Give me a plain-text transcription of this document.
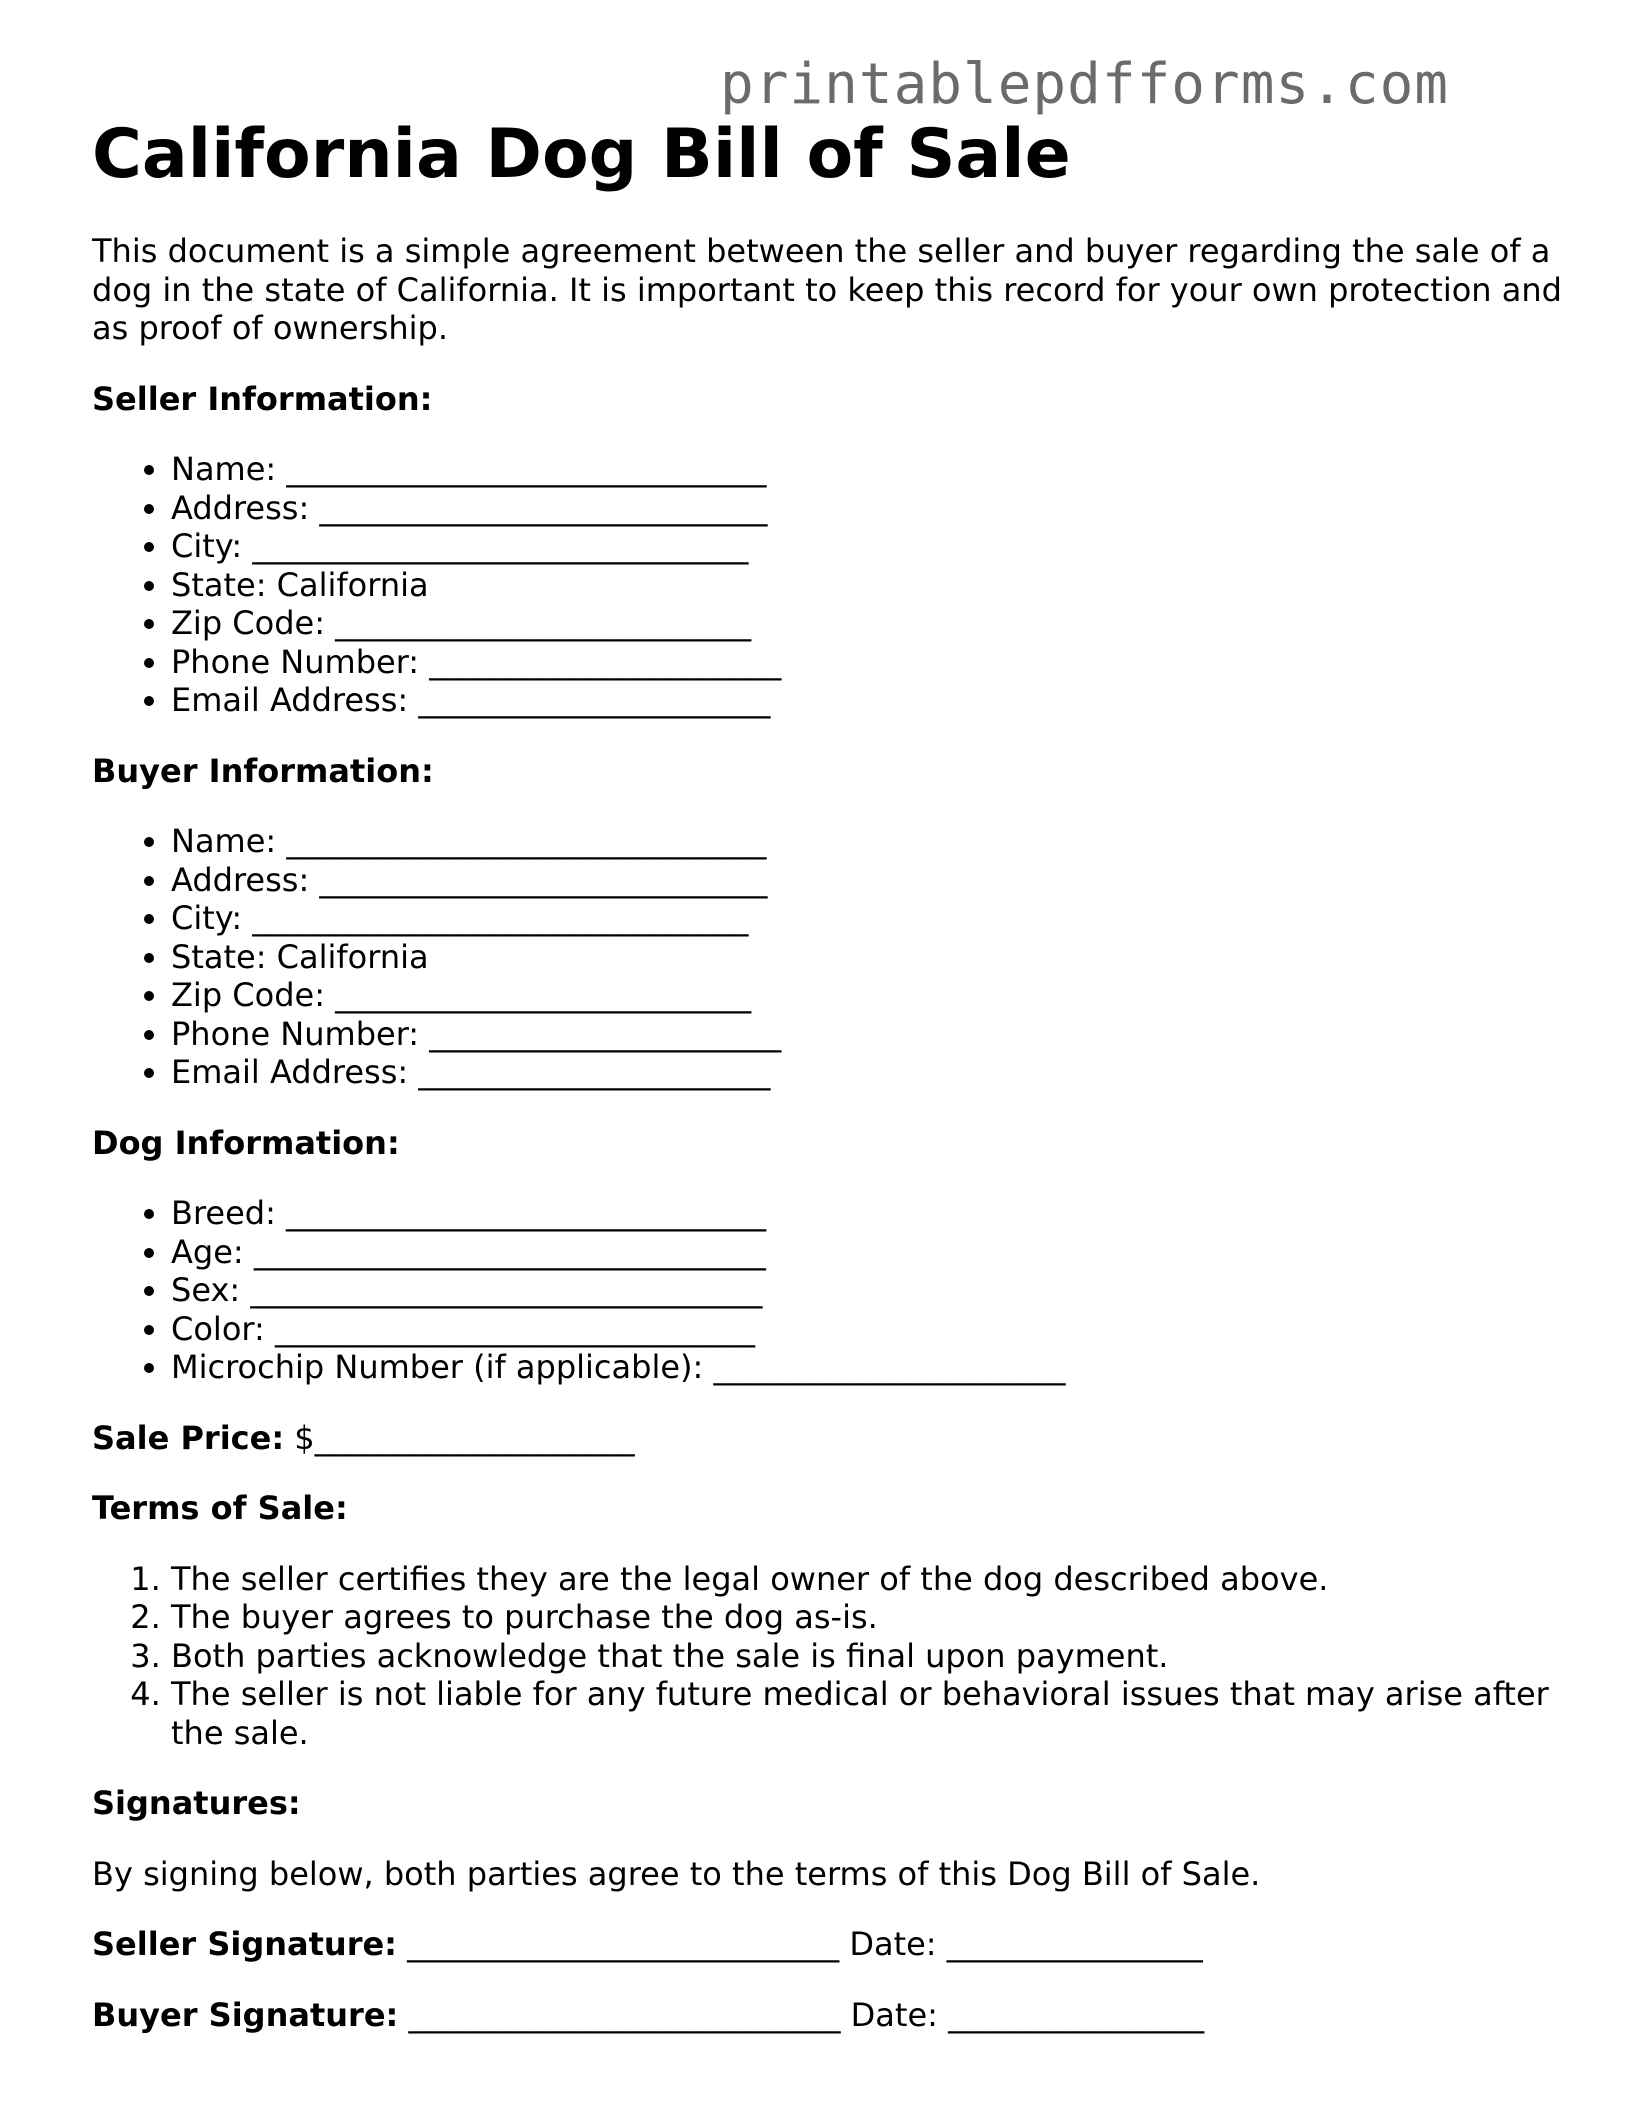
printablepdfforms.com
California Dog Bill of Sale

This document is a simple agreement between the seller and buyer regarding the sale of a dog in the state of California. It is important to keep this record for your own protection and as proof of ownership.

Seller Information:
• Name: ______________________________
• Address: ____________________________
• City: _______________________________
• State: California
• Zip Code: __________________________
• Phone Number: ______________________
• Email Address: ______________________
Buyer Information:
• Name: ______________________________
• Address: ____________________________
• City: _______________________________
• State: California
• Zip Code: __________________________
• Phone Number: ______________________
• Email Address: ______________________
Dog Information:
• Breed: ______________________________
• Age: ________________________________
• Sex: ________________________________
• Color: ______________________________
• Microchip Number (if applicable): ______________________

Sale Price: $____________________

Terms of Sale:
1. The seller certifies they are the legal owner of the dog described above.
2. The buyer agrees to purchase the dog as-is.
3. Both parties acknowledge that the sale is final upon payment.
4. The seller is not liable for any future medical or behavioral issues that may arise after the sale.
Signatures:

By signing below, both parties agree to the terms of this Dog Bill of Sale.

Seller Signature: ___________________________ Date: ________________
Buyer Signature: ___________________________ Date: ________________
